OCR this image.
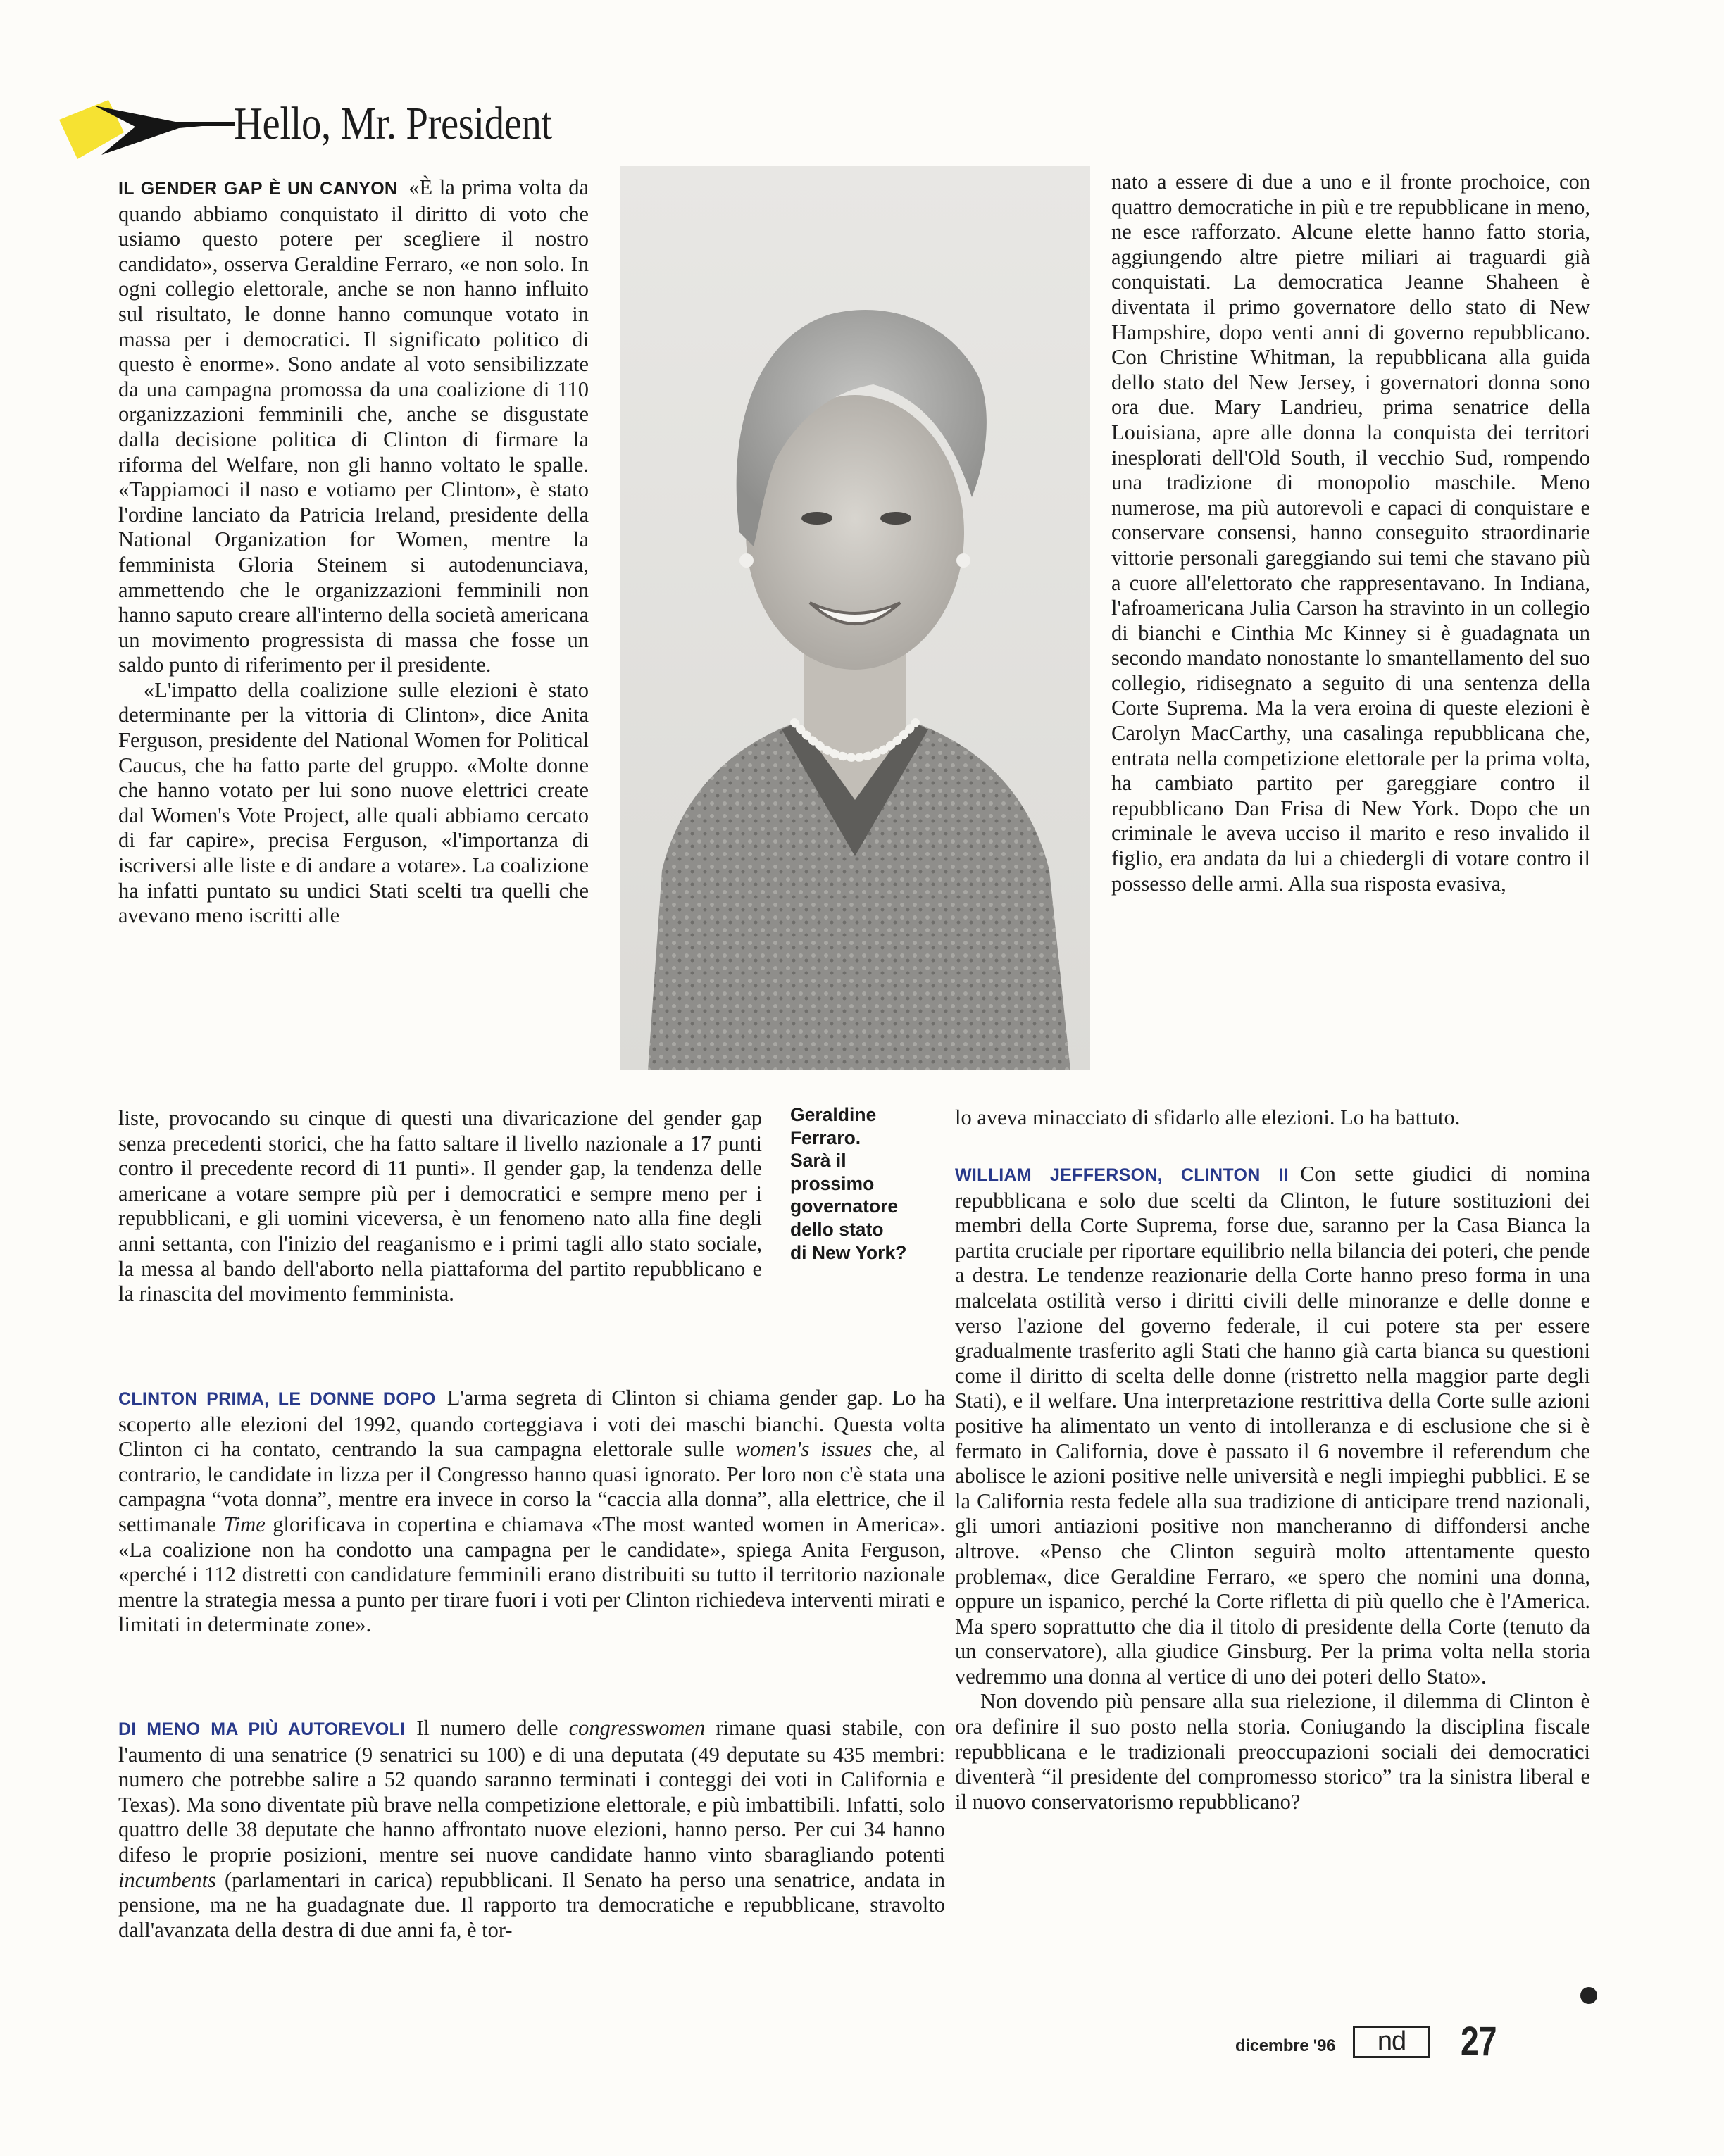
Hello, Mr. President
Geraldine
Ferraro.
Sarà il
prossimo
governatore
dello stato
di New York?

IL GENDER GAP È UN CANYON «È la prima volta da quando abbiamo conquistato il diritto di voto che usiamo questo potere per scegliere il nostro candidato», osserva Geraldine Ferraro, «e non solo. In ogni collegio elettorale, anche se non hanno influito sul risultato, le donne hanno comunque votato in massa per i democratici. Il significato politico di questo è enorme». Sono andate al voto sensibilizzate da una campagna promossa da una coalizione di 110 organizzazioni femminili che, anche se disgustate dalla decisione politica di Clinton di firmare la riforma del Welfare, non gli hanno voltato le spalle. «Tappiamoci il naso e votiamo per Clinton», è stato l'ordine lanciato da Patricia Ireland, presidente della National Organization for Women, mentre la femminista Gloria Steinem si autodenunciava, ammettendo che le organizzazioni femminili non hanno saputo creare all'interno della società americana un movimento progressista di massa che fosse un saldo punto di riferimento per il presidente.

«L'impatto della coalizione sulle elezioni è stato determinante per la vittoria di Clinton», dice Anita Ferguson, presidente del National Women for Political Caucus, che ha fatto parte del gruppo. «Molte donne che hanno votato per lui sono nuove elettrici create dal Women's Vote Project, alle quali abbiamo cercato di far capire», precisa Ferguson, «l'importanza di iscriversi alle liste e di andare a votare». La coalizione ha infatti puntato su undici Stati scelti tra quelli che avevano meno iscritti alle

liste, provocando su cinque di questi una divaricazione del gender gap senza precedenti storici, che ha fatto saltare il livello nazionale a 17 punti contro il precedente record di 11 punti». Il gender gap, la tendenza delle americane a votare sempre più per i democratici e sempre meno per i repubblicani, e gli uomini viceversa, è un fenomeno nato alla fine degli anni settanta, con l'inizio del reaganismo e i primi tagli allo stato sociale, la messa al bando dell'aborto nella piattaforma del partito repubblicano e la rinascita del movimento femminista.

CLINTON PRIMA, LE DONNE DOPO L'arma segreta di Clinton si chiama gender gap. Lo ha scoperto alle elezioni del 1992, quando corteggiava i voti dei maschi bianchi. Questa volta Clinton ci ha contato, centrando la sua campagna elettorale sulle women's issues che, al contrario, le candidate in lizza per il Congresso hanno quasi ignorato. Per loro non c'è stata una campagna “vota donna”, mentre era invece in corso la “caccia alla donna”, alla elettrice, che il settimanale Time glorificava in copertina e chiamava «The most wanted women in America». «La coalizione non ha condotto una campagna per le candidate», spiega Anita Ferguson, «perché i 112 distretti con candidature femminili erano distribuiti su tutto il territorio nazionale mentre la strategia messa a punto per tirare fuori i voti per Clinton richiedeva interventi mirati e limitati in determinate zone».

DI MENO MA PIÙ AUTOREVOLI Il numero delle congresswomen rimane quasi stabile, con l'aumento di una senatrice (9 senatrici su 100) e di una deputata (49 deputate su 435 membri: numero che potrebbe salire a 52 quando saranno terminati i conteggi dei voti in California e Texas). Ma sono diventate più brave nella competizione elettorale, e più imbattibili. Infatti, solo quattro delle 38 deputate che hanno affrontato nuove elezioni, hanno perso. Per cui 34 hanno difeso le proprie posizioni, mentre sei nuove candidate hanno vinto sbaragliando potenti incumbents (parlamentari in carica) repubblicani. Il Senato ha perso una senatrice, andata in pensione, ma ne ha guadagnate due. Il rapporto tra democratiche e repubblicane, stravolto dall'avanzata della destra di due anni fa, è tor-

nato a essere di due a uno e il fronte prochoice, con quattro democratiche in più e tre repubblicane in meno, ne esce rafforzato. Alcune elette hanno fatto storia, aggiungendo altre pietre miliari ai traguardi già conquistati. La democratica Jeanne Shaheen è diventata il primo governatore dello stato di New Hampshire, dopo venti anni di governo repubblicano. Con Christine Whitman, la repubblicana alla guida dello stato del New Jersey, i governatori donna sono ora due. Mary Landrieu, prima senatrice della Louisiana, apre alle donna la conquista dei territori inesplorati dell'Old South, il vecchio Sud, rompendo una tradizione di monopolio maschile. Meno numerose, ma più autorevoli e capaci di conquistare e conservare consensi, hanno conseguito straordinarie vittorie personali gareggiando sui temi che stavano più a cuore all'elettorato che rappresentavano. In Indiana, l'afroamericana Julia Carson ha stravinto in un collegio di bianchi e Cinthia Mc Kinney si è guadagnata un secondo mandato nonostante lo smantellamento del suo collegio, ridisegnato a seguito di una sentenza della Corte Suprema. Ma la vera eroina di queste elezioni è Carolyn MacCarthy, una casalinga repubblicana che, entrata nella competizione elettorale per la prima volta, ha cambiato partito per gareggiare contro il repubblicano Dan Frisa di New York. Dopo che un criminale le aveva ucciso il marito e reso invalido il figlio, era andata da lui a chiedergli di votare contro il possesso delle armi. Alla sua risposta evasiva,

lo aveva minacciato di sfidarlo alle elezioni. Lo ha battuto.

WILLIAM JEFFERSON, CLINTON II Con sette giudici di nomina repubblicana e solo due scelti da Clinton, le future sostituzioni dei membri della Corte Suprema, forse due, saranno per la Casa Bianca la partita cruciale per riportare equilibrio nella bilancia dei poteri, che pende a destra. Le tendenze reazionarie della Corte hanno preso forma in una malcelata ostilità verso i diritti civili delle minoranze e delle donne e verso l'azione del governo federale, il cui potere sta per essere gradualmente trasferito agli Stati che hanno già carta bianca su questioni come il diritto di scelta delle donne (ristretto nella maggior parte degli Stati), e il welfare. Una interpretazione restrittiva della Corte sulle azioni positive ha alimentato un vento di intolleranza e di esclusione che si è fermato in California, dove è passato il 6 novembre il referendum che abolisce le azioni positive nelle università e negli impieghi pubblici. E se la California resta fedele alla sua tradizione di anticipare trend nazionali, gli umori antiazioni positive non mancheranno di diffondersi anche altrove. «Penso che Clinton seguirà molto attentamente questo problema«, dice Geraldine Ferraro, «e spero che nomini una donna, oppure un ispanico, perché la Corte rifletta di più quello che è l'America. Ma spero soprattutto che dia il titolo di presidente della Corte (tenuto da un conservatore), alla giudice Ginsburg. Per la prima volta nella storia vedremmo una donna al vertice di uno dei poteri dello Stato».

Non dovendo più pensare alla sua rielezione, il dilemma di Clinton è ora definire il suo posto nella storia. Coniugando la disciplina fiscale repubblicana e le tradizionali preoccupazioni sociali dei democratici diventerà “il presidente del compromesso storico” tra la sinistra liberal e il nuovo conservatorismo repubblicano?

dicembre '96	nd	27
